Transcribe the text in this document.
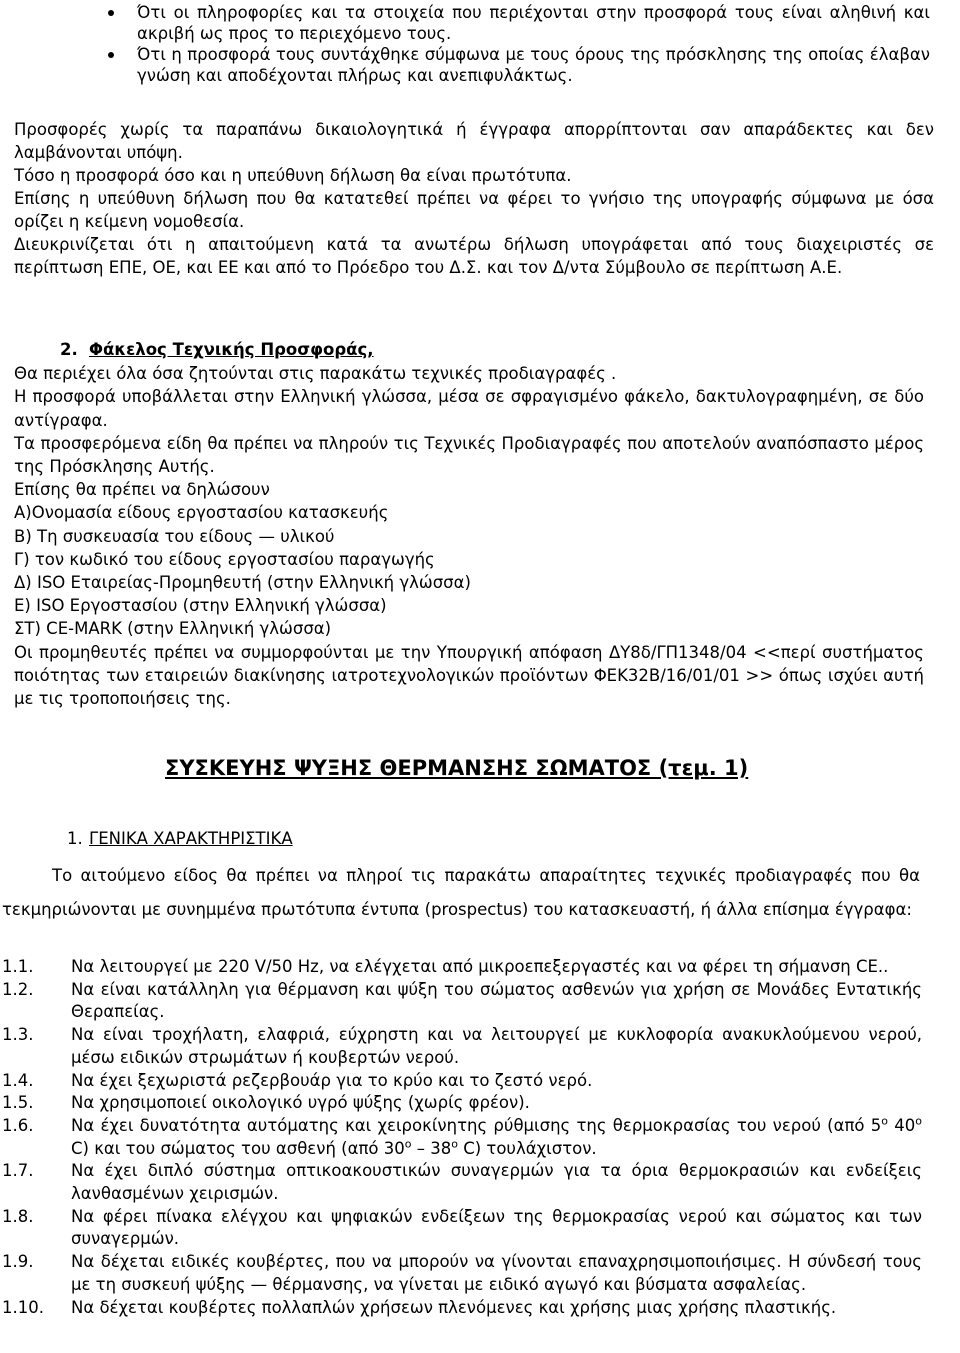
Ότι οι πληροφορίες και τα στοιχεία που περιέχονται στην προσφορά τους είναι αληθινή και ακριβή ως προς το περιεχόμενο τους.
Ότι η προσφορά τους συντάχθηκε σύμφωνα με τους όρους της πρόσκλησης της οποίας έλαβαν γνώση και αποδέχονται πλήρως και ανεπιφυλάκτως.

Προσφορές χωρίς τα παραπάνω δικαιολογητικά ή έγγραφα απορρίπτονται σαν απαράδεκτες και δεν λαμβάνονται υπόψη.

Τόσο η προσφορά όσο και η υπεύθυνη δήλωση θα είναι πρωτότυπα.

Επίσης η υπεύθυνη δήλωση που θα κατατεθεί πρέπει να φέρει το γνήσιο της υπογραφής σύμφωνα με όσα ορίζει η κείμενη νομοθεσία.

Διευκρινίζεται ότι η απαιτούμενη κατά τα ανωτέρω δήλωση υπογράφεται από τους διαχειριστές σε περίπτωση ΕΠΕ, ΟΕ, και ΕΕ και από το Πρόεδρο του Δ.Σ. και τον Δ/ντα Σύμβουλο σε περίπτωση Α.Ε.

2. Φάκελος Τεχνικής Προσφοράς,

Θα περιέχει όλα όσα ζητούνται στις παρακάτω τεχνικές προδιαγραφές .

Η προσφορά υποβάλλεται στην Ελληνική γλώσσα, μέσα σε σφραγισμένο φάκελο, δακτυλογραφημένη, σε δύο αντίγραφα.

Τα προσφερόμενα είδη θα πρέπει να πληρούν τις Τεχνικές Προδιαγραφές που αποτελούν αναπόσπαστο μέρος της Πρόσκλησης Αυτής.

Επίσης θα πρέπει να δηλώσουν

Α)Ονομασία είδους εργοστασίου κατασκευής

Β) Τη συσκευασία του είδους — υλικού

Γ) τον κωδικό του είδους εργοστασίου παραγωγής

Δ) ISO Εταιρείας-Προμηθευτή (στην Ελληνική γλώσσα)

Ε) ISO Εργοστασίου (στην Ελληνική γλώσσα)

ΣΤ) CE-MARK (στην Ελληνική γλώσσα)

Οι προμηθευτές πρέπει να συμμορφούνται με την Υπουργική απόφαση ΔΥ8δ/ΓΠ1348/04 <<περί συστήματος ποιότητας των εταιρειών διακίνησης ιατροτεχνολογικών προϊόντων ΦΕΚ32Β/16/01/01 >> όπως ισχύει αυτή με τις τροποποιήσεις της.

ΣΥΣΚΕΥΗΣ ΨΥΞΗΣ ΘΕΡΜΑΝΣΗΣ ΣΩΜΑΤΟΣ (τεμ. 1)
1. ΓΕΝΙΚΑ ΧΑΡΑΚΤΗΡΙΣΤΙΚΑ
Το αιτούμενο είδος θα πρέπει να πληροί τις παρακάτω απαραίτητες τεχνικές προδιαγραφές που θα τεκμηριώνονται με συνημμένα πρωτότυπα έντυπα (prospectus) του κατασκευαστή, ή άλλα επίσημα έγγραφα:
1.1.	Να λειτουργεί με 220 V/50 Hz, να ελέγχεται από μικροεπεξεργαστές και να φέρει τη σήμανση CE..
1.2.	Να είναι κατάλληλη για θέρμανση και ψύξη του σώματος ασθενών για χρήση σε Μονάδες Εντατικής Θεραπείας.
1.3.	Να είναι τροχήλατη, ελαφριά, εύχρηστη και να λειτουργεί με κυκλοφορία ανακυκλούμενου νερού, μέσω ειδικών στρωμάτων ή κουβερτών νερού.
1.4.	Να έχει ξεχωριστά ρεζερβουάρ για το κρύο και το ζεστό νερό.
1.5.	Να χρησιμοποιεί οικολογικό υγρό ψύξης (χωρίς φρέον).
1.6.	Να έχει δυνατότητα αυτόματης και χειροκίνητης ρύθμισης της θερμοκρασίας του νερού (από $5^o$ $40^o$ C) και του σώματος του ασθενή (από $30^o - 38^o$ C) τουλάχιστον.
1.7.	Να έχει διπλό σύστημα οπτικοακουστικών συναγερμών για τα όρια θερμοκρασιών και ενδείξεις λανθασμένων χειρισμών.
1.8.	Να φέρει πίνακα ελέγχου και ψηφιακών ενδείξεων της θερμοκρασίας νερού και σώματος και των συναγερμών.
1.9.	Να δέχεται ειδικές κουβέρτες, που να μπορούν να γίνονται επαναχρησιμοποιήσιμες. Η σύνδεσή τους με τη συσκευή ψύξης — θέρμανσης, να γίνεται με ειδικό αγωγό και βύσματα ασφαλείας.
1.10.	Να δέχεται κουβέρτες πολλαπλών χρήσεων πλενόμενες και χρήσης μιας χρήσης πλαστικής.
